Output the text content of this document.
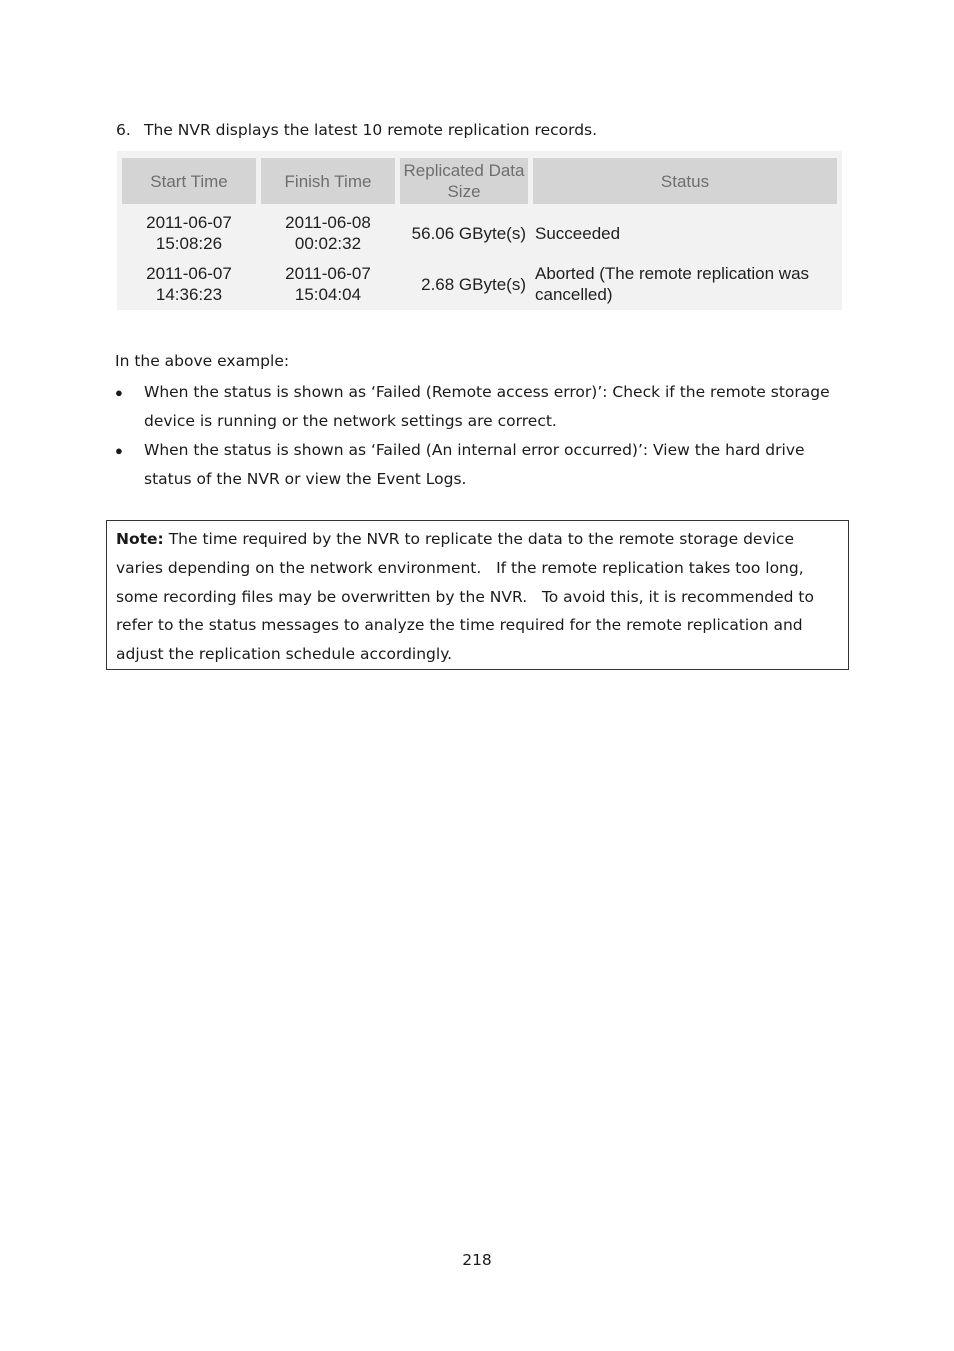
6. The NVR displays the latest 10 remote replication records.
Start Time	Finish Time
Replicated Data Size
Status
2011-06-07
15:08:26
2011-06-08
00:02:32
56.06 GByte(s) Succeeded
2011-06-07
14:36:23
2011-06-07
15:04:04
2.68 GByte(s)
Aborted (The remote replication was cancelled)
In the above example:
● When the status is shown as ‘Failed (Remote access error)’: Check if the remote storage device is running or the network settings are correct.
● When the status is shown as ‘Failed (An internal error occurred)’: View the hard drive status of the NVR or view the Event Logs.
Note: The time required by the NVR to replicate the data to the remote storage device varies depending on the network environment.   If the remote replication takes too long, some recording files may be overwritten by the NVR.   To avoid this, it is recommended to refer to the status messages to analyze the time required for the remote replication and adjust the replication schedule accordingly.
218
